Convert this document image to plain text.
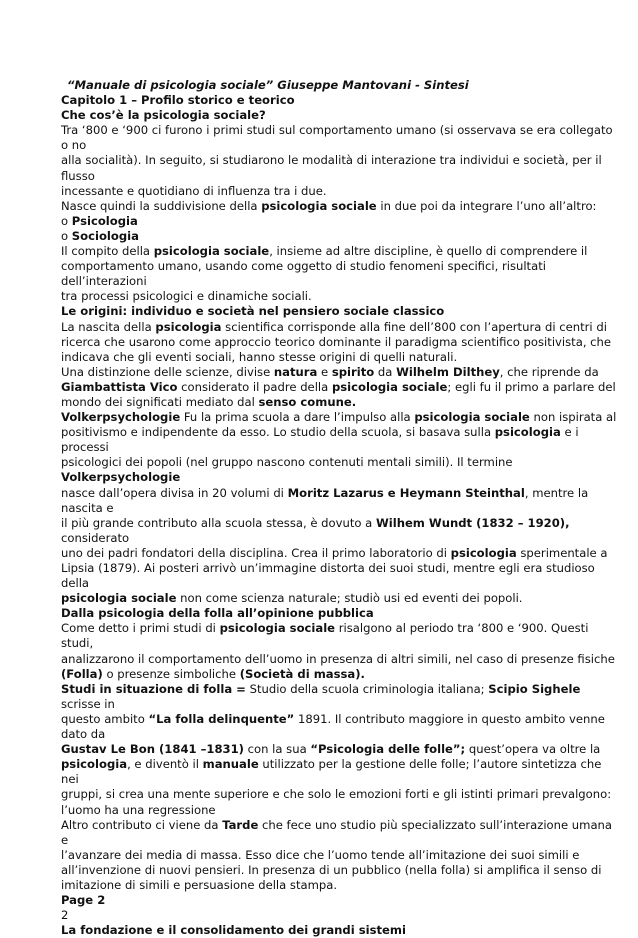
“Manuale di psicologia sociale” Giuseppe Mantovani - Sintesi
Capitolo 1 – Profilo storico e teorico
Che cos’è la psicologia sociale?
Tra ‘800 e ‘900 ci furono i primi studi sul comportamento umano (si osservava se era collegato
o no
alla socialità). In seguito, si studiarono le modalità di interazione tra individui e società, per il
flusso
incessante e quotidiano di influenza tra i due.
Nasce quindi la suddivisione della psicologia sociale in due poi da integrare l’uno all’altro:
o Psicologia
o Sociologia
Il compito della psicologia sociale, insieme ad altre discipline, è quello di comprendere il
comportamento umano, usando come oggetto di studio fenomeni specifici, risultati
dell’interazioni
tra processi psicologici e dinamiche sociali.
Le origini: individuo e società nel pensiero sociale classico
La nascita della psicologia scientifica corrisponde alla fine dell’800 con l’apertura di centri di
ricerca che usarono come approccio teorico dominante il paradigma scientifico positivista, che
indicava che gli eventi sociali, hanno stesse origini di quelli naturali.
Una distinzione delle scienze, divise natura e spirito da Wilhelm Dilthey, che riprende da
Giambattista Vico considerato il padre della psicologia sociale; egli fu il primo a parlare del
mondo dei significati mediato dal senso comune.
Volkerpsychologie Fu la prima scuola a dare l’impulso alla psicologia sociale non ispirata al
positivismo e indipendente da esso. Lo studio della scuola, si basava sulla psicologia e i
processi
psicologici dei popoli (nel gruppo nascono contenuti mentali simili). Il termine
Volkerpsychologie
nasce dall’opera divisa in 20 volumi di Moritz Lazarus e Heymann Steinthal, mentre la
nascita e
il più grande contributo alla scuola stessa, è dovuto a Wilhem Wundt (1832 – 1920),
considerato
uno dei padri fondatori della disciplina. Crea il primo laboratorio di psicologia sperimentale a
Lipsia (1879). Ai posteri arrivò un’immagine distorta dei suoi studi, mentre egli era studioso
della
psicologia sociale non come scienza naturale; studiò usi ed eventi dei popoli.
Dalla psicologia della folla all’opinione pubblica
Come detto i primi studi di psicologia sociale risalgono al periodo tra ‘800 e ‘900. Questi
studi,
analizzarono il comportamento dell’uomo in presenza di altri simili, nel caso di presenze fisiche
(Folla) o presenze simboliche (Società di massa).
Studi in situazione di folla = Studio della scuola criminologia italiana; Scipio Sighele
scrisse in
questo ambito “La folla delinquente” 1891. Il contributo maggiore in questo ambito venne
dato da
Gustav Le Bon (1841 –1831) con la sua “Psicologia delle folle”; quest’opera va oltre la
psicologia, e diventò il manuale utilizzato per la gestione delle folle; l’autore sintetizza che
nei
gruppi, si crea una mente superiore e che solo le emozioni forti e gli istinti primari prevalgono:
l’uomo ha una regressione
Altro contributo ci viene da Tarde che fece uno studio più specializzato sull’interazione umana
e
l’avanzare dei media di massa. Esso dice che l’uomo tende all’imitazione dei suoi simili e
all’invenzione di nuovi pensieri. In presenza di un pubblico (nella folla) si amplifica il senso di
imitazione di simili e persuasione della stampa.
Page 2
2
La fondazione e il consolidamento dei grandi sistemi
